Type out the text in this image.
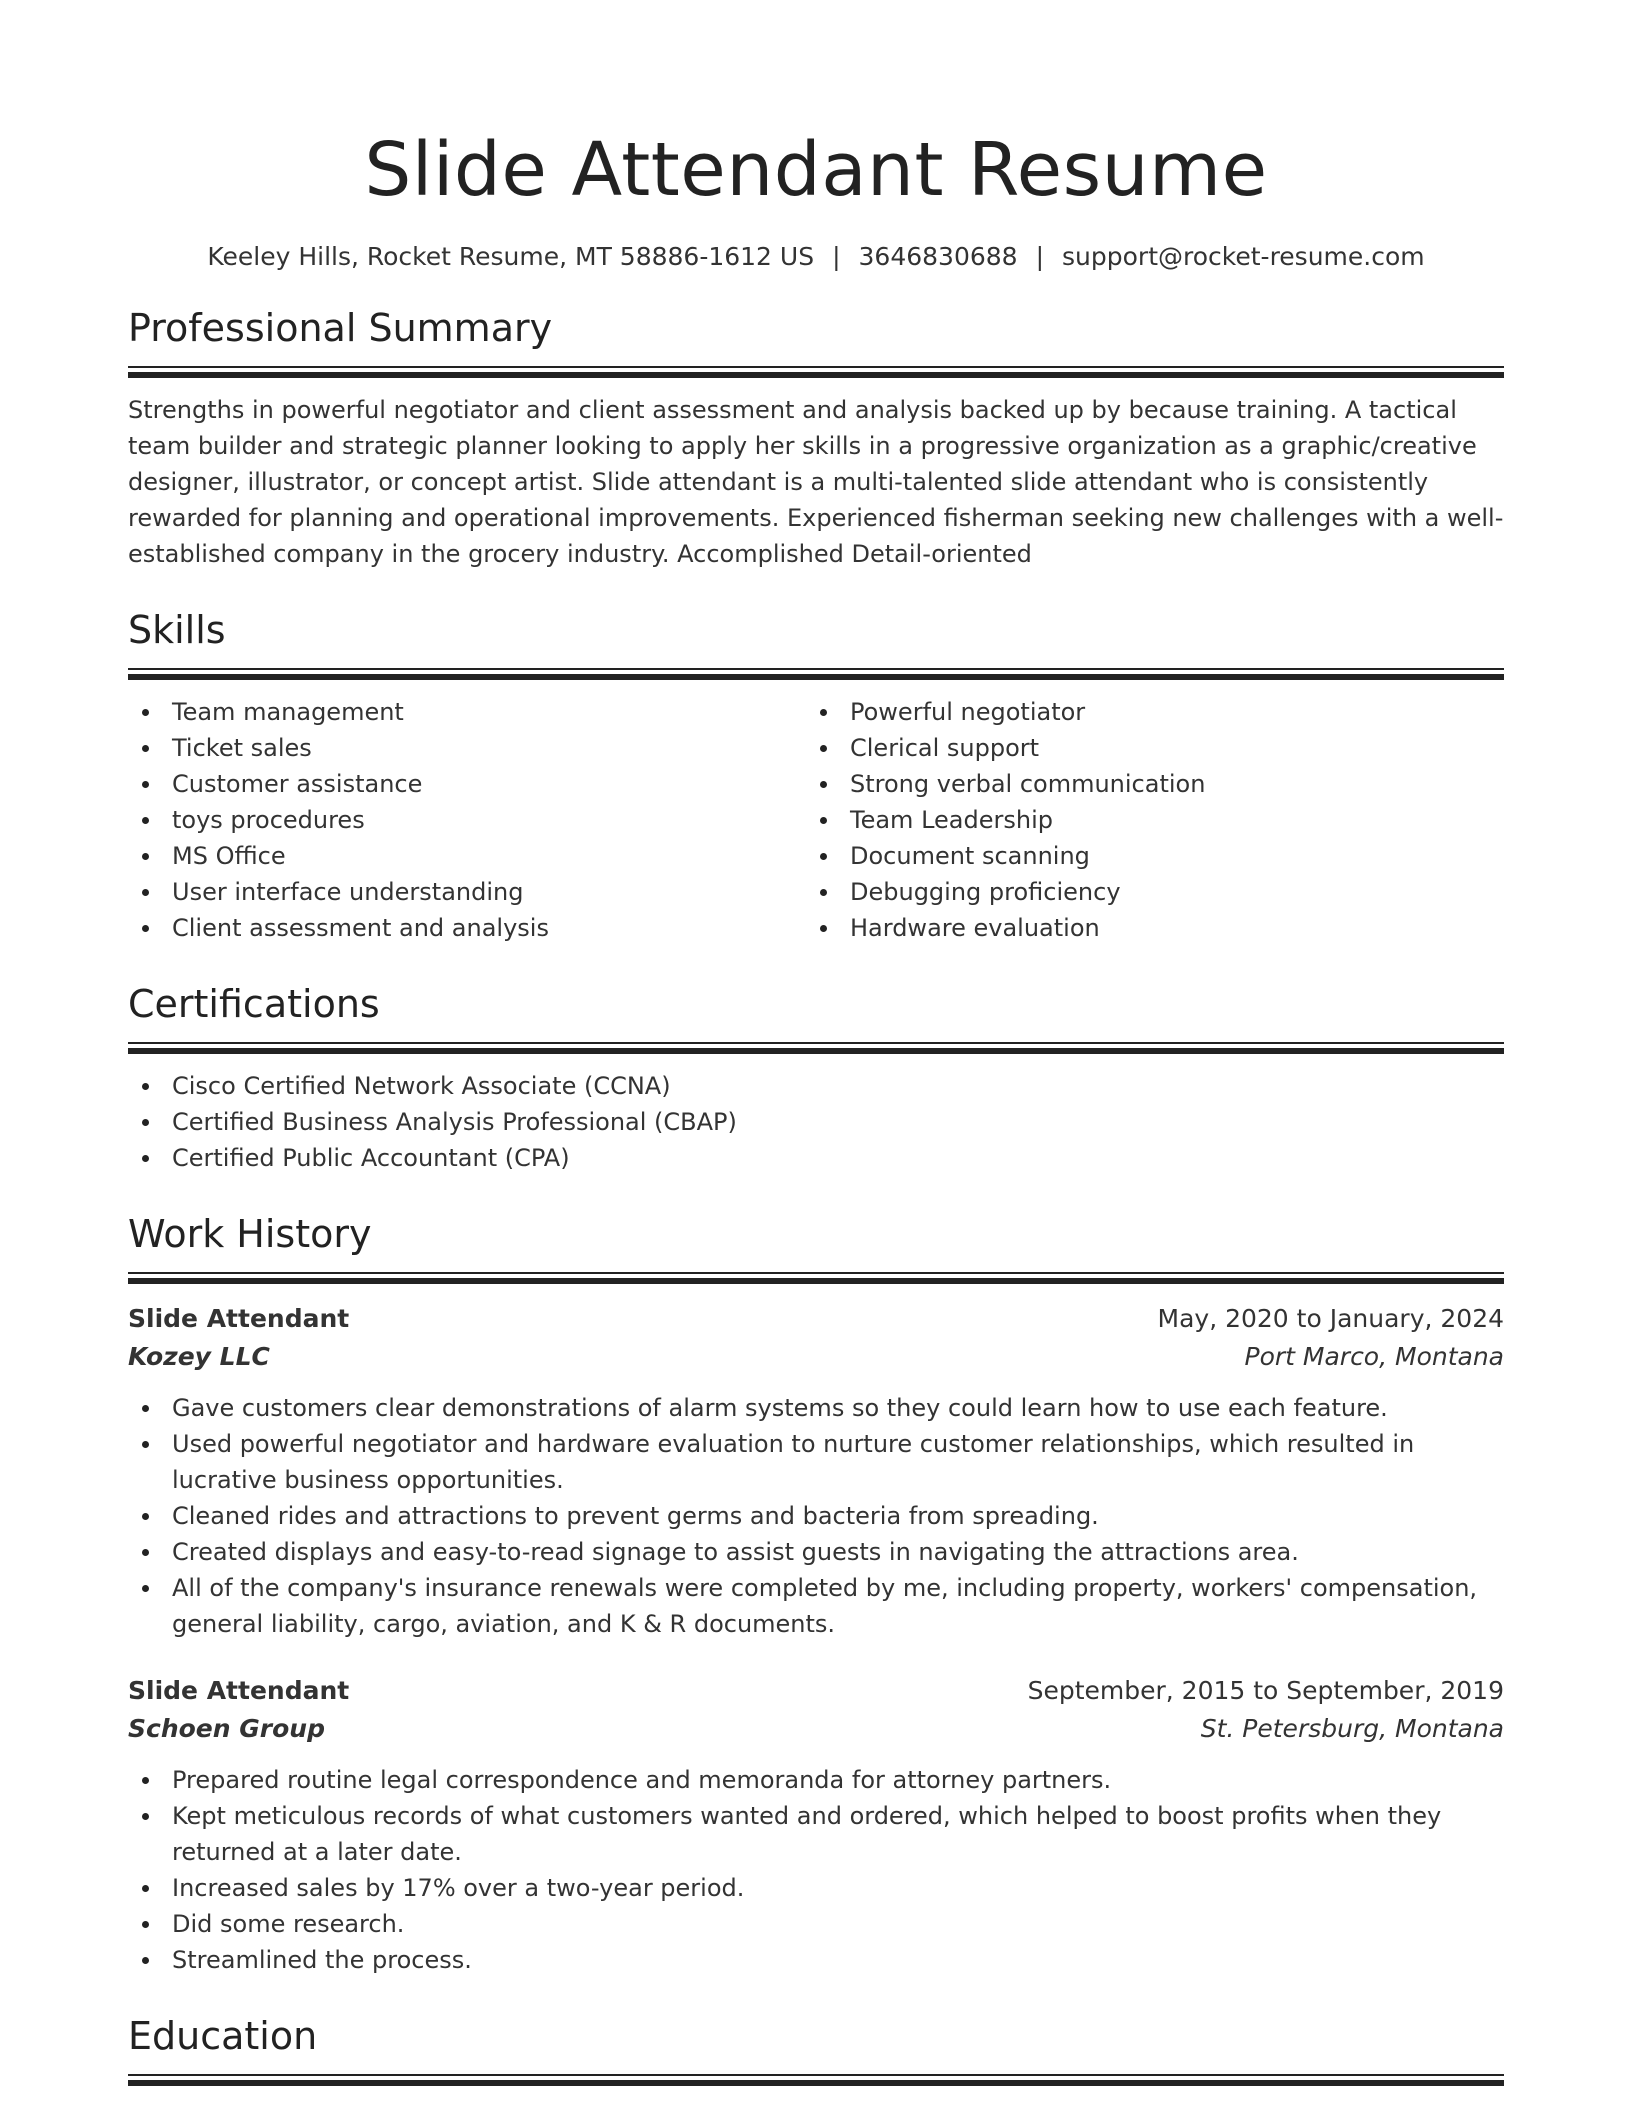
Slide Attendant Resume
Keeley Hills, Rocket Resume, MT 58886-1612 US | 3646830688 | support@rocket-resume.com
Professional Summary
Strengths in powerful negotiator and client assessment and analysis backed up by because training. A tactical team builder and strategic planner looking to apply her skills in a progressive organization as a graphic/creative designer, illustrator, or concept artist. Slide attendant is a multi-talented slide attendant who is consistently rewarded for planning and operational improvements. Experienced fisherman seeking new challenges with a well-established company in the grocery industry. Accomplished Detail-oriented
Skills
Team management
Ticket sales
Customer assistance
toys procedures
MS Office
User interface understanding
Client assessment and analysis
Powerful negotiator
Clerical support
Strong verbal communication
Team Leadership
Document scanning
Debugging proficiency
Hardware evaluation
Certifications
Cisco Certified Network Associate (CCNA)
Certified Business Analysis Professional (CBAP)
Certified Public Accountant (CPA)
Work History
Slide Attendant	May, 2020 to January, 2024
Kozey LLC	Port Marco, Montana
Gave customers clear demonstrations of alarm systems so they could learn how to use each feature.
Used powerful negotiator and hardware evaluation to nurture customer relationships, which resulted in lucrative business opportunities.
Cleaned rides and attractions to prevent germs and bacteria from spreading.
Created displays and easy-to-read signage to assist guests in navigating the attractions area.
All of the company's insurance renewals were completed by me, including property, workers' compensation, general liability, cargo, aviation, and K & R documents.
Slide Attendant	September, 2015 to September, 2019
Schoen Group	St. Petersburg, Montana
Prepared routine legal correspondence and memoranda for attorney partners.
Kept meticulous records of what customers wanted and ordered, which helped to boost profits when they returned at a later date.
Increased sales by 17% over a two-year period.
Did some research.
Streamlined the process.
Education
